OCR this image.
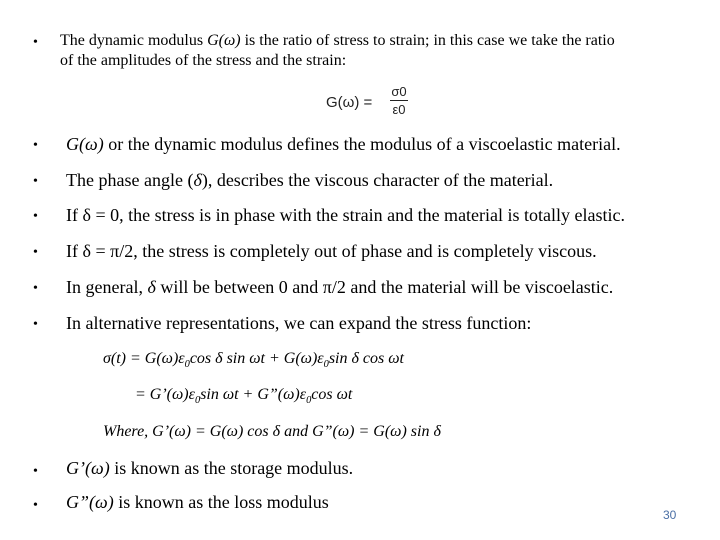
• The dynamic modulus G(ω) is the ratio of stress to strain; in this case we take the ratio
of the amplitudes of the stress and the strain:
G(ω) =
σ0
ε0
• G(ω) or the dynamic modulus defines the modulus of a viscoelastic material.
• The phase angle (δ), describes the viscous character of the material.
• If δ = 0, the stress is in phase with the strain and the material is totally elastic.
• If δ = π/2, the stress is completely out of phase and is completely viscous.
• In general, δ will be between 0 and π/2 and the material will be viscoelastic.
• In alternative representations, we can expand the stress function:
$\sigma(t) = G(\omega)\varepsilon_0\cos$ δ $\sin \omega t + G(\omega)\varepsilon_0\sin$ δ cos ωt
= $G’(\omega)\varepsilon_0\sin$ $\omega t + G”(\omega)\varepsilon_0\cos$ ωt
Where, G’(ω) = G(ω) cos δ and G”(ω) = G(ω) sin δ
• G’(ω) is known as the storage modulus.
• G”(ω) is known as the loss modulus
30
